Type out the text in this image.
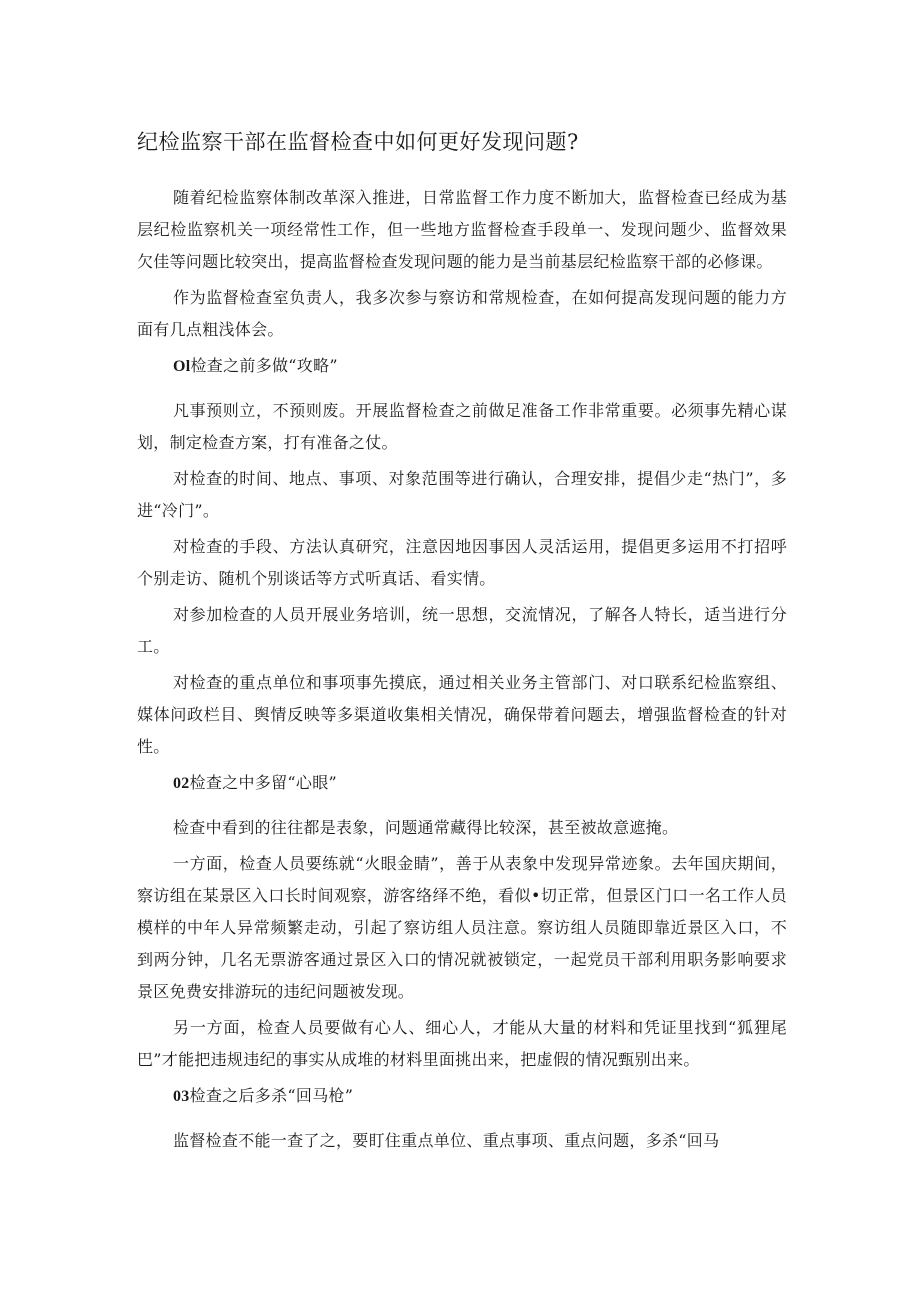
纪检监察干部在监督检查中如何更好发现问题?

随着纪检监察体制改革深入推进，日常监督工作力度不断加大，监督检查已经成为基层纪检监察机关一项经常性工作，但一些地方监督检查手段单一、发现问题少、监督效果欠佳等问题比较突出，提高监督检查发现问题的能力是当前基层纪检监察干部的必修课。

作为监督检查室负责人，我多次参与察访和常规检查，在如何提高发现问题的能力方面有几点粗浅体会。

Ol检查之前多做“攻略”

凡事预则立，不预则废。开展监督检查之前做足准备工作非常重要。必须事先精心谋划，制定检查方案，打有准备之仗。

对检查的时间、地点、事项、对象范围等进行确认，合理安排，提倡少走“热门”，多进“冷门”。

对检查的手段、方法认真研究，注意因地因事因人灵活运用，提倡更多运用不打招呼个别走访、随机个别谈话等方式听真话、看实情。

对参加检查的人员开展业务培训，统一思想，交流情况，了解各人特长，适当进行分工。

对检查的重点单位和事项事先摸底，通过相关业务主管部门、对口联系纪检监察组、媒体问政栏目、舆情反映等多渠道收集相关情况，确保带着问题去，增强监督检查的针对性。

02检查之中多留“心眼”

检查中看到的往往都是表象，问题通常藏得比较深，甚至被故意遮掩。

一方面，检查人员要练就“火眼金睛”，善于从表象中发现异常迹象。去年国庆期间，察访组在某景区入口长时间观察，游客络绎不绝，看似•切正常，但景区门口一名工作人员模样的中年人异常频繁走动，引起了察访组人员注意。察访组人员随即靠近景区入口，不到两分钟，几名无票游客通过景区入口的情况就被锁定，一起党员干部利用职务影响要求景区免费安排游玩的违纪问题被发现。

另一方面，检查人员要做有心人、细心人，才能从大量的材料和凭证里找到“狐狸尾巴”才能把违规违纪的事实从成堆的材料里面挑出来，把虚假的情况甄别出来。

03检查之后多杀“回马枪”

监督检查不能一查了之，要盯住重点单位、重点事项、重点问题，多杀“回马
